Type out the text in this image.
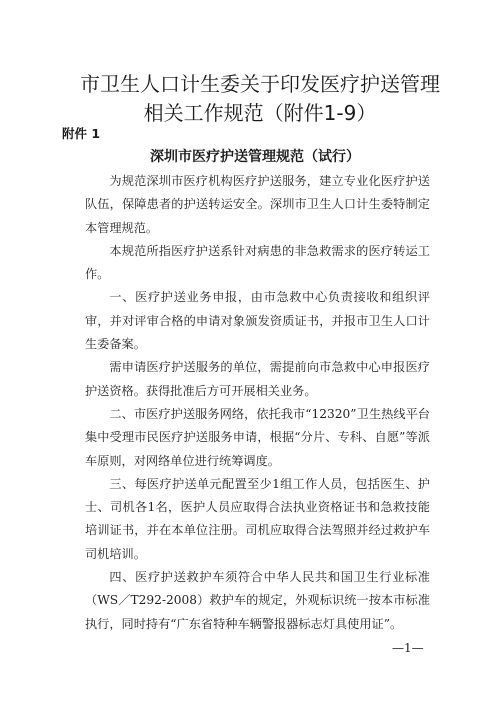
市卫生人口计生委关于印发医疗护送管理
相关工作规范（附件1-9）
附件 1
深圳市医疗护送管理规范（试行）

为规范深圳市医疗机构医疗护送服务，建立专业化医疗护送队伍，保障患者的护送转运安全。深圳市卫生人口计生委特制定本管理规范。

本规范所指医疗护送系针对病患的非急救需求的医疗转运工作。

一、医疗护送业务申报，由市急救中心负责接收和组织评审，并对评审合格的申请对象颁发资质证书，并报市卫生人口计生委备案。

需申请医疗护送服务的单位，需提前向市急救中心申报医疗护送资格。获得批准后方可开展相关业务。

二、市医疗护送服务网络，依托我市“12320”卫生热线平台集中受理市民医疗护送服务申请，根据“分片、专科、自愿”等派车原则，对网络单位进行统筹调度。

三、每医疗护送单元配置至少1组工作人员，包括医生、护士、司机各1名，医护人员应取得合法执业资格证书和急救技能培训证书，并在本单位注册。司机应取得合法驾照并经过救护车司机培训。

四、医疗护送救护车须符合中华人民共和国卫生行业标准（WS／T292-2008）救护车的规定，外观标识统一按本市标准执行，同时持有“广东省特种车辆警报器标志灯具使用证”。

—1—
